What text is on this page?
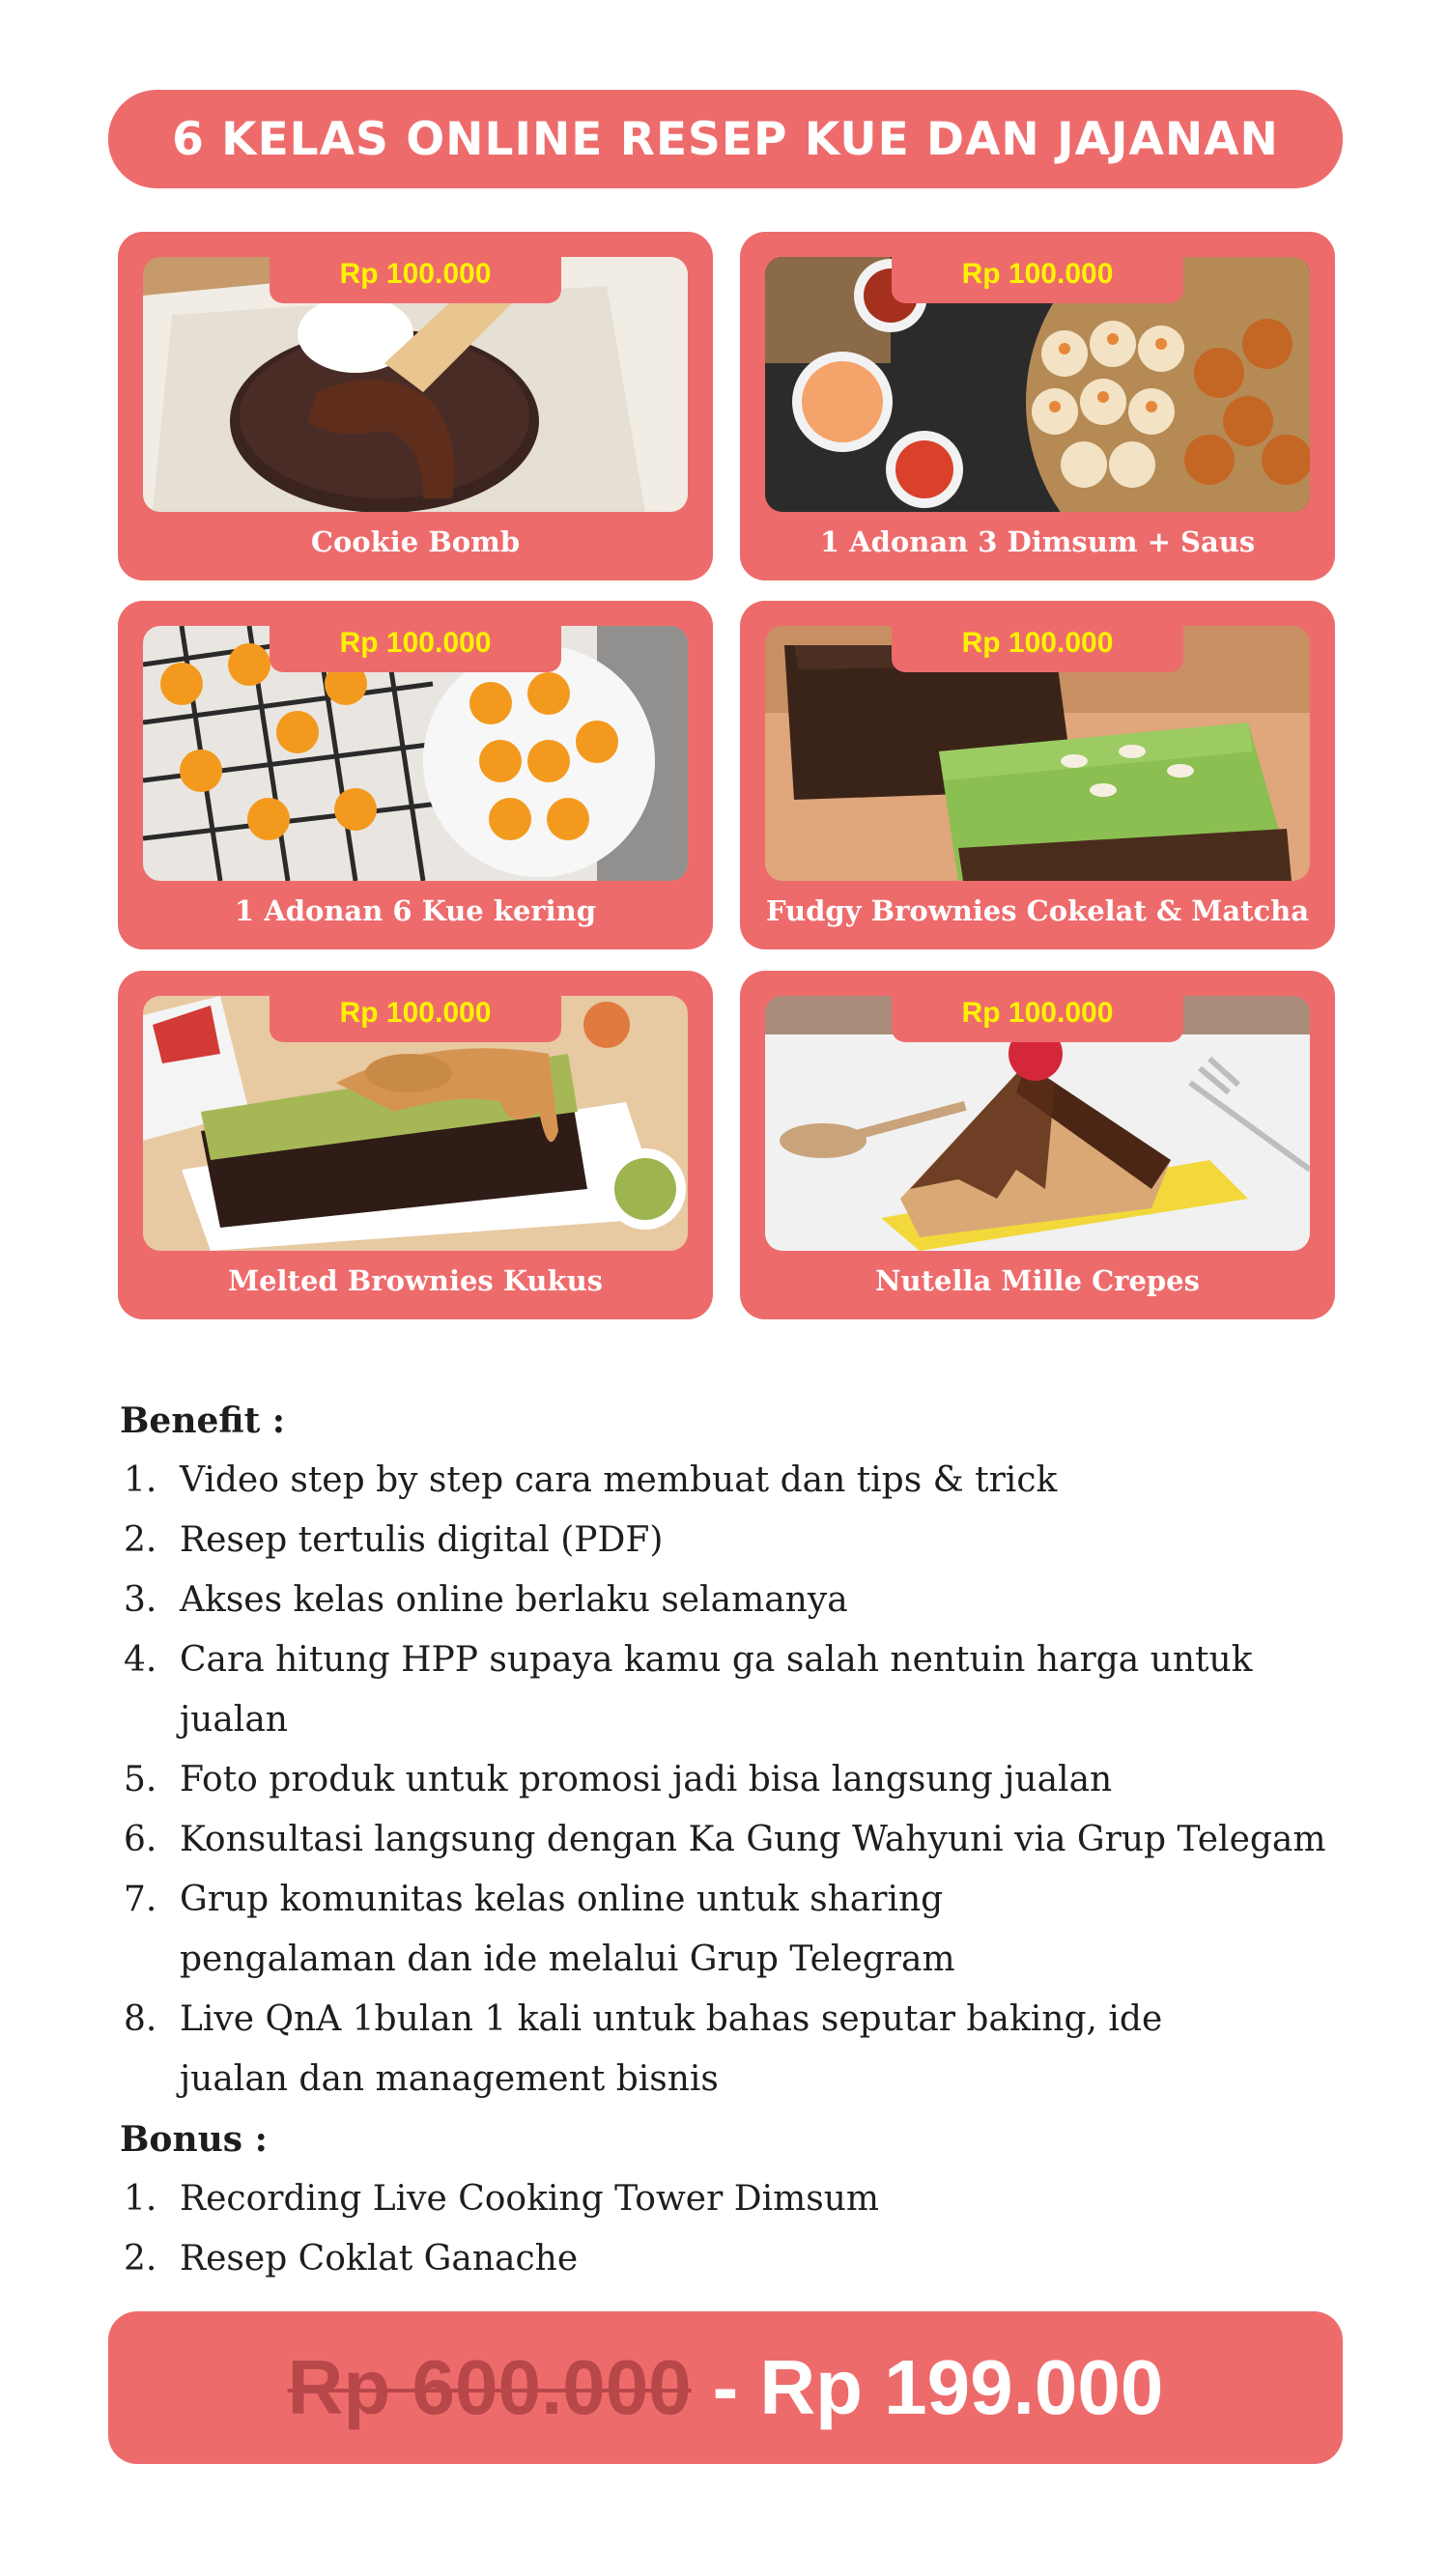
6 KELAS ONLINE RESEP KUE DAN JAJANAN
Rp 100.000
Cookie Bomb
Rp 100.000
1 Adonan 3 Dimsum + Saus
Rp 100.000
1 Adonan 6 Kue kering
Rp 100.000
Fudgy Brownies Cokelat & Matcha
Rp 100.000
Melted Brownies Kukus
Rp 100.000
Nutella Mille Crepes

Benefit :

1. Video step by step cara membuat dan tips & trick
2. Resep tertulis digital (PDF)
3. Akses kelas online berlaku selamanya
4. Cara hitung HPP supaya kamu ga salah nentuin harga untuk jualan
5. Foto produk untuk promosi jadi bisa langsung jualan
6. Konsultasi langsung dengan Ka Gung Wahyuni via Grup Telegam
7. Grup komunitas kelas online untuk sharing pengalaman dan ide melalui Grup Telegram
8. Live QnA 1bulan 1 kali untuk bahas seputar baking, ide jualan dan management bisnis

Bonus :

1. Recording Live Cooking Tower Dimsum
2. Resep Coklat Ganache
Rp 600.000 - Rp 199.000
